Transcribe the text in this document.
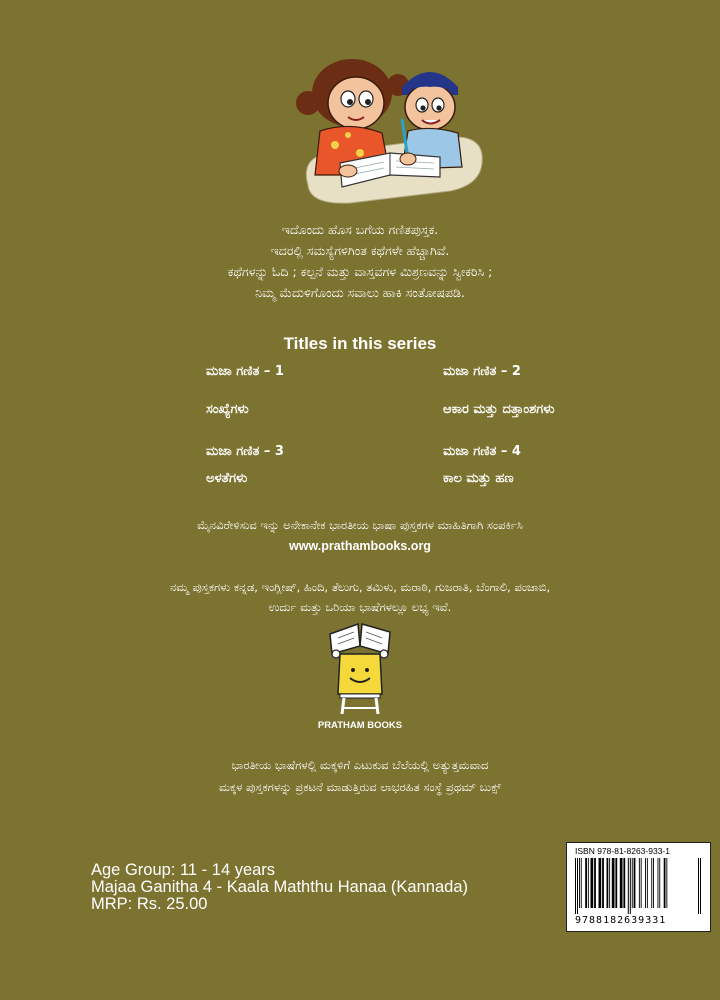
ಇದೊಂದು ಹೊಸ ಬಗೆಯ ಗಣಿತಪುಸ್ತಕ.

ಇದರಲ್ಲಿ ಸಮಸ್ಯೆಗಳಿಗಿಂತ ಕಥೆಗಳೇ ಹೆಚ್ಚಾಗಿವೆ.

ಕಥೆಗಳನ್ನು ಓದಿ ; ಕಲ್ಪನೆ ಮತ್ತು ವಾಸ್ತವಗಳ ಮಿಶ್ರಣವನ್ನು ಸ್ವೀಕರಿಸಿ ;

ನಿಮ್ಮ ಮೆದುಳಿಗೊಂದು ಸವಾಲು ಹಾಕಿ ಸಂತೋಷಪಡಿ.

Titles in this series
ಮಜಾ ಗಣಿತ – 1	ಮಜಾ ಗಣಿತ – 2
ಸಂಖ್ಯೆಗಳು	ಆಕಾರ ಮತ್ತು ದತ್ತಾಂಶಗಳು
ಮಜಾ ಗಣಿತ – 3	ಮಜಾ ಗಣಿತ – 4
ಅಳತೆಗಳು	ಕಾಲ ಮತ್ತು ಹಣ
ಮೈನವಿರೇಳಿಸುವ ಇನ್ನು ಅನೇಕಾನೇಕ ಭಾರತೀಯ ಭಾಷಾ ಪುಸ್ತಕಗಳ ಮಾಹಿತಿಗಾಗಿ ಸಂಪರ್ಕಿಸಿ
www.prathambooks.org
ನಮ್ಮ ಪುಸ್ತಕಗಳು ಕನ್ನಡ, ಇಂಗ್ಲೀಷ್, ಹಿಂದಿ, ತೆಲುಗು, ತಮಿಳು, ಮರಾಠಿ, ಗುಜರಾತಿ, ಬೆಂಗಾಲಿ, ಪಂಜಾಬಿ,
ಉರ್ದು ಮತ್ತು ಒರಿಯಾ ಭಾಷೆಗಳಲ್ಲೂ ಲಭ್ಯ ಇವೆ.
PRATHAM BOOKS
ಭಾರತೀಯ ಭಾಷೆಗಳಲ್ಲಿ ಮಕ್ಕಳಿಗೆ ಎಟುಕುವ ಬೆಲೆಯಲ್ಲಿ ಅತ್ಯುತ್ತಮವಾದ
ಮಕ್ಕಳ ಪುಸ್ತಕಗಳನ್ನು ಪ್ರಕಟನೆ ಮಾಡುತ್ತಿರುವ ಲಾಭರಹಿತ ಸಂಸ್ಥೆ ಪ್ರಥಮ್ ಬುಕ್ಸ್
Age Group: 11 - 14 years
Majaa Ganitha 4 - Kaala Maththu Hanaa (Kannada)
MRP: Rs. 25.00
ISBN 978-81-8263-933-1
9788182639331
